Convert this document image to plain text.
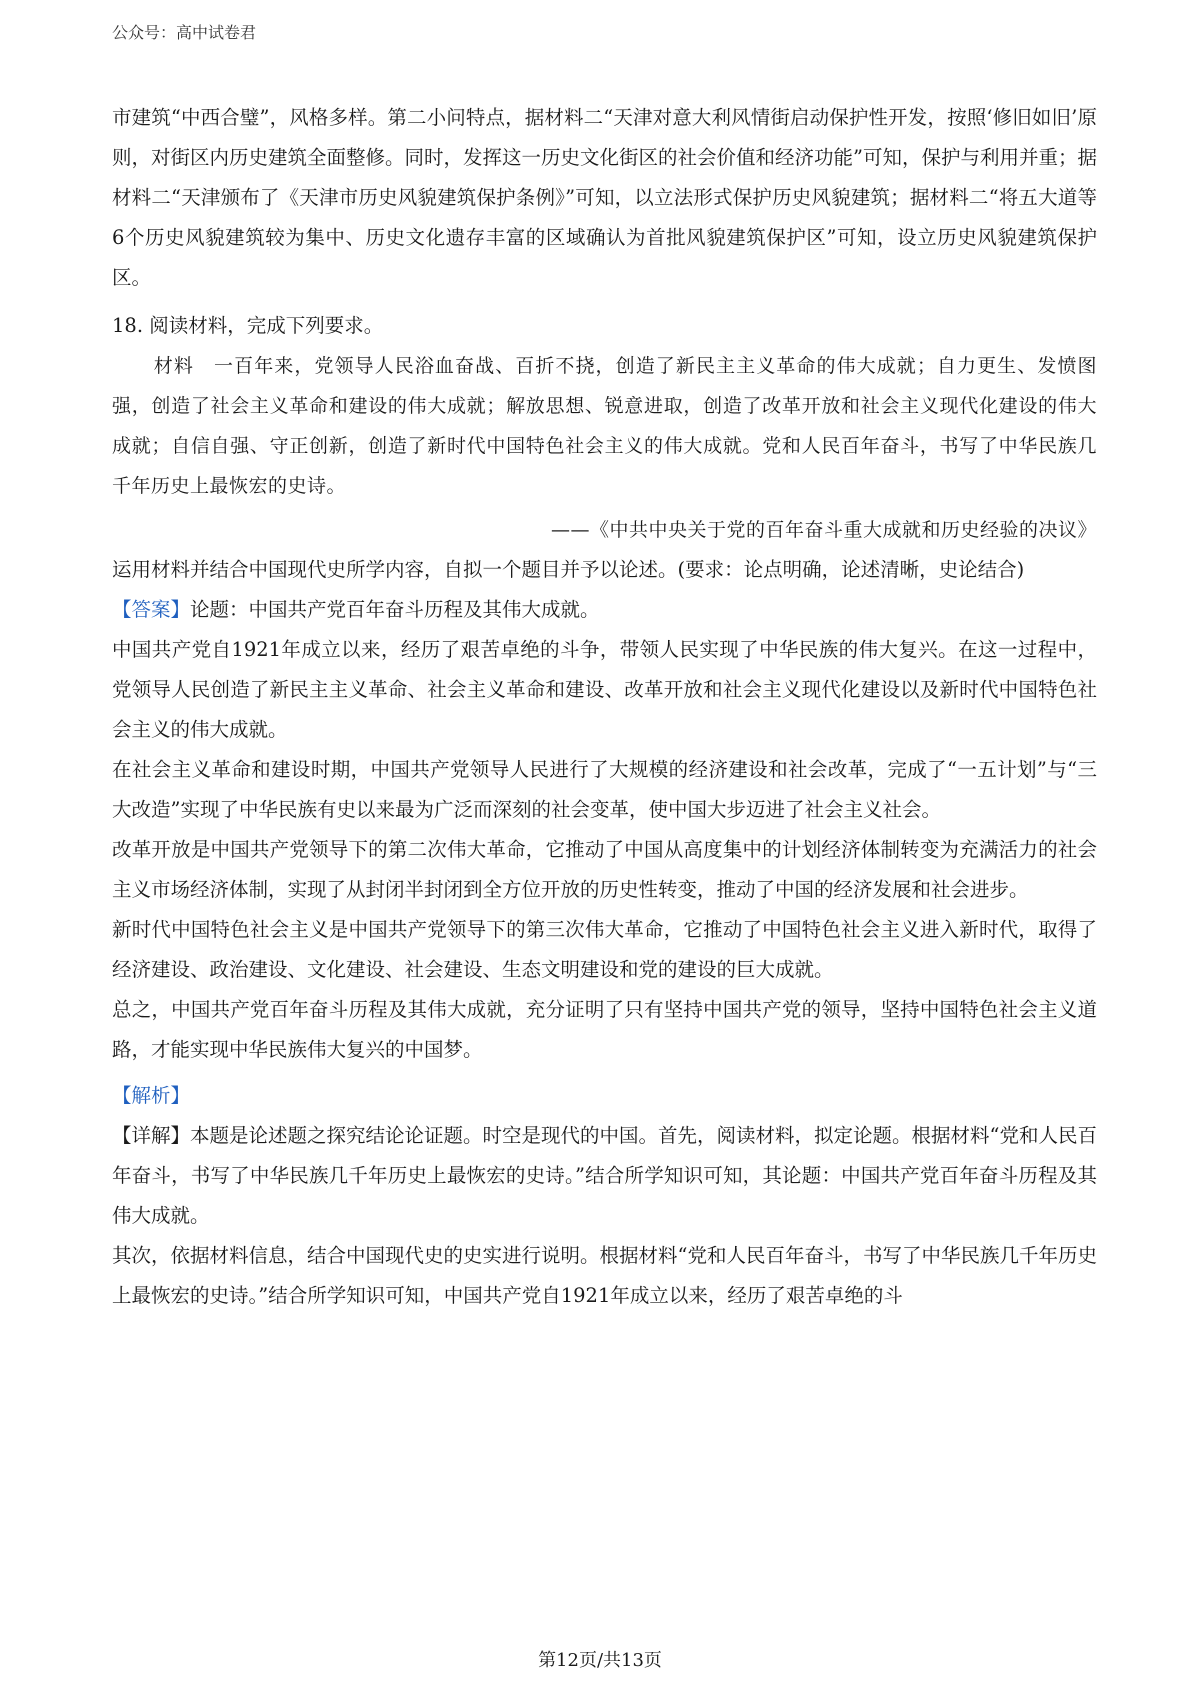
公众号：高中试卷君

市建筑“中西合璧”，风格多样。第二小问特点，据材料二“天津对意大利风情街启动保护性开发，按照‘修旧如旧’原则，对街区内历史建筑全面整修。同时，发挥这一历史文化街区的社会价值和经济功能”可知，保护与利用并重；据材料二“天津颁布了《天津市历史风貌建筑保护条例》”可知，以立法形式保护历史风貌建筑；据材料二“将五大道等6个历史风貌建筑较为集中、历史文化遗存丰富的区域确认为首批风貌建筑保护区”可知，设立历史风貌建筑保护区。

18. 阅读材料，完成下列要求。

材料　一百年来，党领导人民浴血奋战、百折不挠，创造了新民主主义革命的伟大成就；自力更生、发愤图强，创造了社会主义革命和建设的伟大成就；解放思想、锐意进取，创造了改革开放和社会主义现代化建设的伟大成就；自信自强、守正创新，创造了新时代中国特色社会主义的伟大成就。党和人民百年奋斗，书写了中华民族几千年历史上最恢宏的史诗。

——《中共中央关于党的百年奋斗重大成就和历史经验的决议》

运用材料并结合中国现代史所学内容，自拟一个题目并予以论述。(要求：论点明确，论述清晰，史论结合)

【答案】论题：中国共产党百年奋斗历程及其伟大成就。

中国共产党自1921年成立以来，经历了艰苦卓绝的斗争，带领人民实现了中华民族的伟大复兴。在这一过程中，党领导人民创造了新民主主义革命、社会主义革命和建设、改革开放和社会主义现代化建设以及新时代中国特色社会主义的伟大成就。

在社会主义革命和建设时期，中国共产党领导人民进行了大规模的经济建设和社会改革，完成了“一五计划”与“三大改造”实现了中华民族有史以来最为广泛而深刻的社会变革，使中国大步迈进了社会主义社会。

改革开放是中国共产党领导下的第二次伟大革命，它推动了中国从高度集中的计划经济体制转变为充满活力的社会主义市场经济体制，实现了从封闭半封闭到全方位开放的历史性转变，推动了中国的经济发展和社会进步。

新时代中国特色社会主义是中国共产党领导下的第三次伟大革命，它推动了中国特色社会主义进入新时代，取得了经济建设、政治建设、文化建设、社会建设、生态文明建设和党的建设的巨大成就。

总之，中国共产党百年奋斗历程及其伟大成就，充分证明了只有坚持中国共产党的领导，坚持中国特色社会主义道路，才能实现中华民族伟大复兴的中国梦。

【解析】

【详解】本题是论述题之探究结论论证题。时空是现代的中国。首先，阅读材料，拟定论题。根据材料“党和人民百年奋斗，书写了中华民族几千年历史上最恢宏的史诗。”结合所学知识可知，其论题：中国共产党百年奋斗历程及其伟大成就。

其次，依据材料信息，结合中国现代史的史实进行说明。根据材料“党和人民百年奋斗，书写了中华民族几千年历史上最恢宏的史诗。”结合所学知识可知，中国共产党自1921年成立以来，经历了艰苦卓绝的斗

第12页/共13页
